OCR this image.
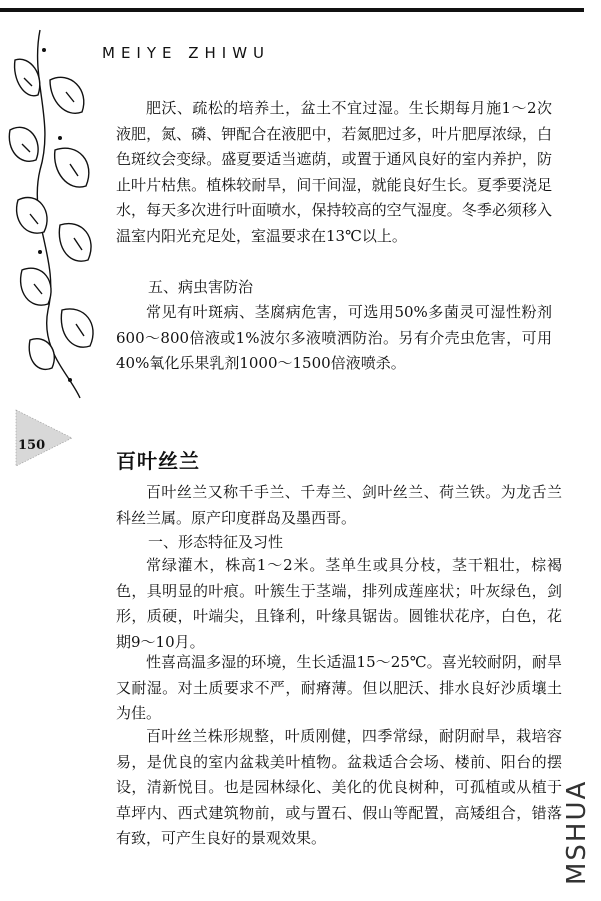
MEIYE ZHIWU
150
肥沃、疏松的培养土，盆土不宜过湿。生长期每月施1～2次液肥，氮、磷、钾配合在液肥中，若氮肥过多，叶片肥厚浓绿，白色斑纹会变绿。盛夏要适当遮荫，或置于通风良好的室内养护，防止叶片枯焦。植株较耐旱，间干间湿，就能良好生长。夏季要浇足水，每天多次进行叶面喷水，保持较高的空气湿度。冬季必须移入温室内阳光充足处，室温要求在13℃以上。
五、病虫害防治
常见有叶斑病、茎腐病危害，可选用50%多菌灵可湿性粉剂600～800倍液或1%波尔多液喷洒防治。另有介壳虫危害，可用40%氧化乐果乳剂1000～1500倍液喷杀。
百叶丝兰
百叶丝兰又称千手兰、千寿兰、剑叶丝兰、荷兰铁。为龙舌兰科丝兰属。原产印度群岛及墨西哥。
一、形态特征及习性
常绿灌木，株高1～2米。茎单生或具分枝，茎干粗壮，棕褐色，具明显的叶痕。叶簇生于茎端，排列成莲座状；叶灰绿色，剑形，质硬，叶端尖，且锋利，叶缘具锯齿。圆锥状花序，白色，花期9～10月。
性喜高温多湿的环境，生长适温15～25℃。喜光较耐阴，耐旱又耐湿。对土质要求不严，耐瘠薄。但以肥沃、排水良好沙质壤土为佳。
百叶丝兰株形规整，叶质刚健，四季常绿，耐阴耐旱，栽培容易，是优良的室内盆栽美叶植物。盆栽适合会场、楼前、阳台的摆设，清新悦目。也是园林绿化、美化的优良树种，可孤植或从植于草坪内、西式建筑物前，或与置石、假山等配置，高矮组合，错落有致，可产生良好的景观效果。	MSHUA
